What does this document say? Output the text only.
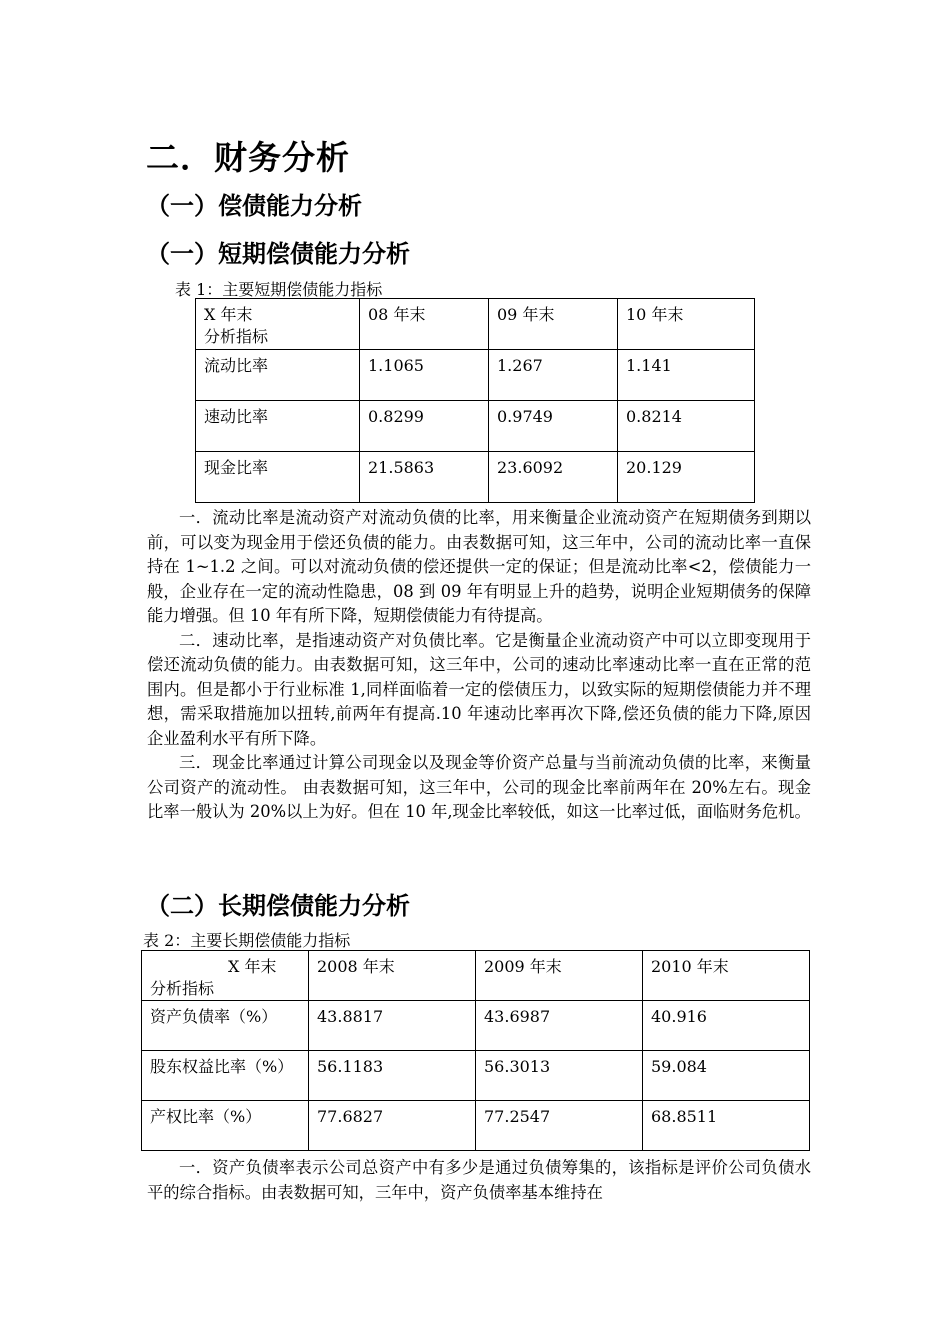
二．财务分析
（一）偿债能力分析
（一）短期偿债能力分析
表 1：主要短期偿债能力指标
X 年末
分析指标	08 年末	09 年末	10 年末
流动比率	1.1065	1.267	1.141
速动比率	0.8299	0.9749	0.8214
现金比率	21.5863	23.6092	20.129

一．流动比率是流动资产对流动负债的比率，用来衡量企业流动资产在短期债务到期以前，可以变为现金用于偿还负债的能力。由表数据可知，这三年中，公司的流动比率一直保持在 1~1.2 之间。可以对流动负债的偿还提供一定的保证；但是流动比率<2，偿债能力一般，企业存在一定的流动性隐患，08 到 09 年有明显上升的趋势，说明企业短期债务的保障能力增强。但 10 年有所下降，短期偿债能力有待提高。

二．速动比率，是指速动资产对负债比率。它是衡量企业流动资产中可以立即变现用于偿还流动负债的能力。由表数据可知，这三年中，公司的速动比率速动比率一直在正常的范围内。但是都小于行业标准 1,同样面临着一定的偿债压力，以致实际的短期偿债能力并不理想，需采取措施加以扭转,前两年有提高.10 年速动比率再次下降,偿还负债的能力下降,原因企业盈利水平有所下降。

三．现金比率通过计算公司现金以及现金等价资产总量与当前流动负债的比率，来衡量公司资产的流动性。 由表数据可知，这三年中，公司的现金比率前两年在 20%左右。现金比率一般认为 20%以上为好。但在 10 年,现金比率较低，如这一比率过低，面临财务危机。

（二）长期偿债能力分析
表 2：主要长期偿债能力指标
X 年末
分析指标	2008 年末	2009 年末	2010 年末
资产负债率（%）	43.8817	43.6987	40.916
股东权益比率（%）	56.1183	56.3013	59.084
产权比率（%）	77.6827	77.2547	68.8511

一．资产负债率表示公司总资产中有多少是通过负债筹集的，该指标是评价公司负债水平的综合指标。由表数据可知，三年中，资产负债率基本维持在
